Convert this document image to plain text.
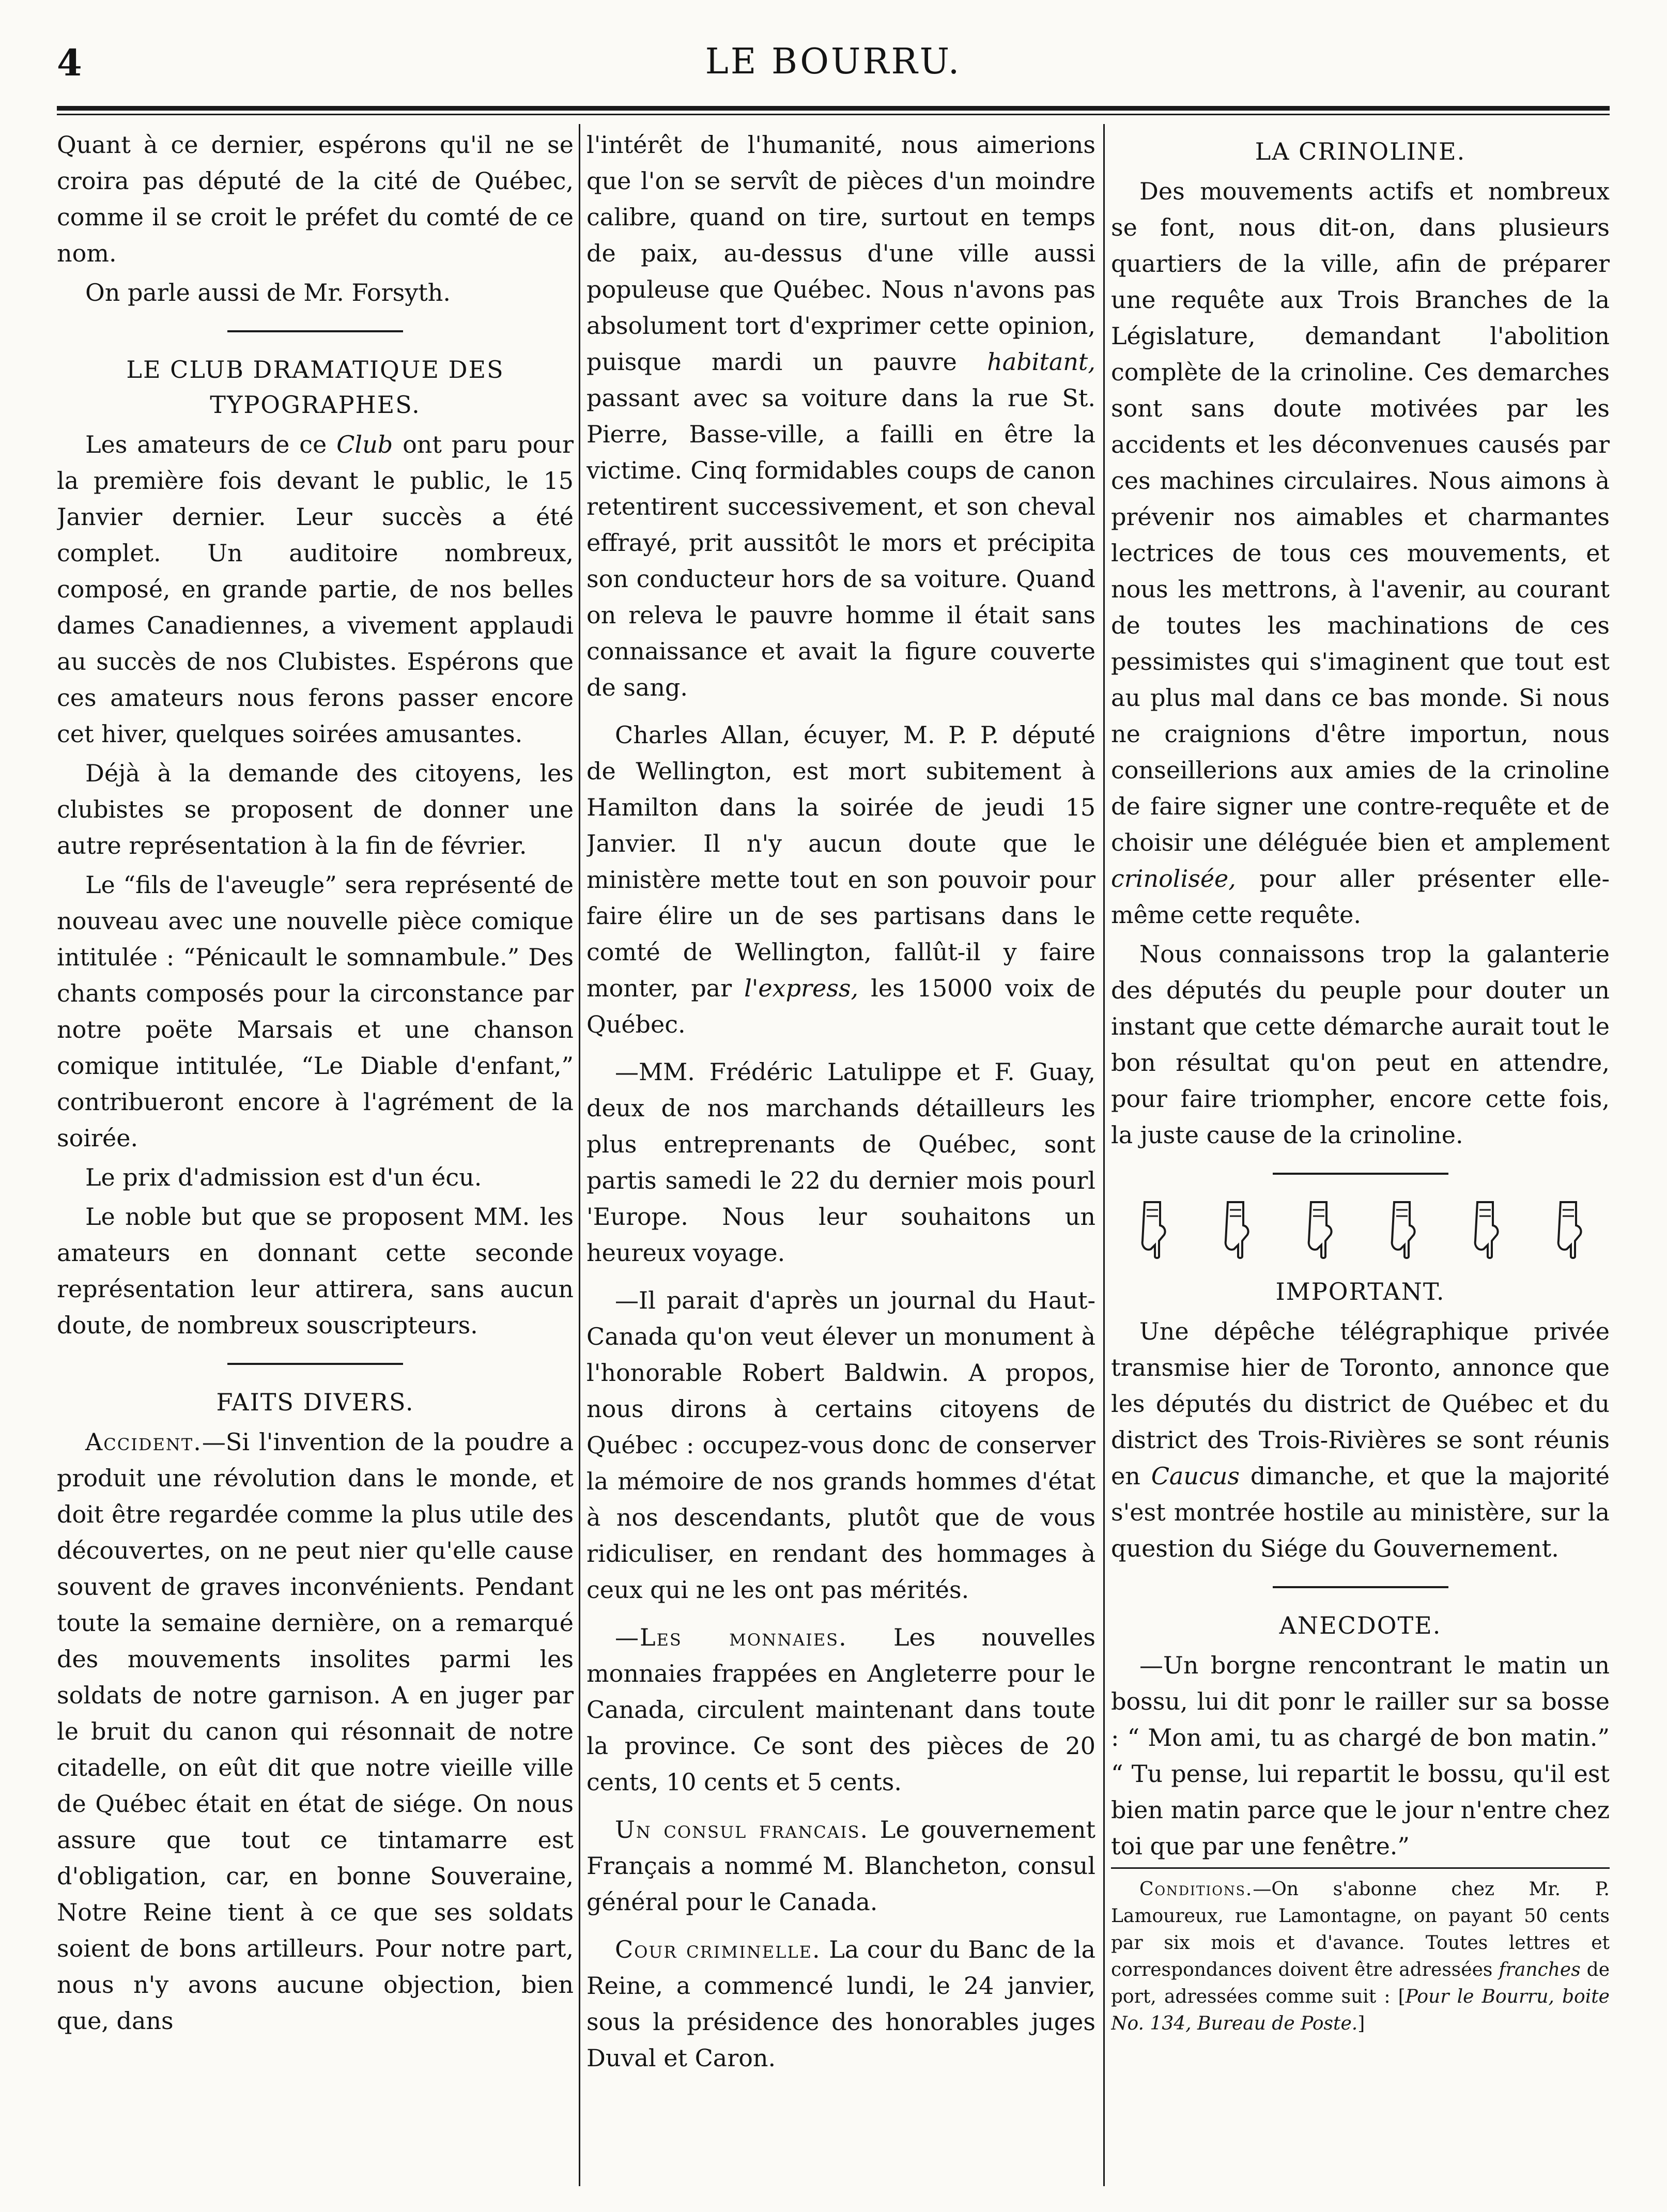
4	LE BOURRU.

Quant à ce dernier, espérons qu'il ne se croira pas député de la cité de Québec, comme il se croit le préfet du comté de ce nom.

On parle aussi de Mr. Forsyth.

LE CLUB DRAMATIQUE DES TYPOGRAPHES.

Les amateurs de ce Club ont paru pour la première fois devant le public, le 15 Janvier dernier. Leur succès a été complet. Un auditoire nombreux, composé, en grande partie, de nos belles dames Canadiennes, a vivement applaudi au succès de nos Clubistes. Espérons que ces amateurs nous ferons passer encore cet hiver, quelques soirées amusantes.

Déjà à la demande des citoyens, les clubistes se proposent de donner une autre représentation à la fin de février.

Le “fils de l'aveugle” sera représenté de nouveau avec une nouvelle pièce comique intitulée : “Pénicault le somnambule.” Des chants composés pour la circonstance par notre poëte Marsais et une chanson comique intitulée, “Le Diable d'enfant,” contribueront encore à l'agrément de la soirée.

Le prix d'admission est d'un écu.

Le noble but que se proposent MM. les amateurs en donnant cette seconde représentation leur attirera, sans aucun doute, de nombreux souscripteurs.

FAITS DIVERS.

Accident.—Si l'invention de la poudre a produit une révolution dans le monde, et doit être regardée comme la plus utile des découvertes, on ne peut nier qu'elle cause souvent de graves inconvénients. Pendant toute la semaine dernière, on a remarqué des mouvements insolites parmi les soldats de notre garnison. A en juger par le bruit du canon qui résonnait de notre citadelle, on eût dit que notre vieille ville de Québec était en état de siége. On nous assure que tout ce tintamarre est d'obligation, car, en bonne Souveraine, Notre Reine tient à ce que ses soldats soient de bons artilleurs. Pour notre part, nous n'y avons aucune objection, bien que, dans

l'intérêt de l'humanité, nous aimerions que l'on se servît de pièces d'un moindre calibre, quand on tire, surtout en temps de paix, au-dessus d'une ville aussi populeuse que Québec. Nous n'avons pas absolument tort d'exprimer cette opinion, puisque mardi un pauvre habitant, passant avec sa voiture dans la rue St. Pierre, Basse-ville, a failli en être la victime. Cinq formidables coups de canon retentirent successivement, et son cheval effrayé, prit aussitôt le mors et précipita son conducteur hors de sa voiture. Quand on releva le pauvre homme il était sans connaissance et avait la figure couverte de sang.

Charles Allan, écuyer, M. P. P. député de Wellington, est mort subitement à Hamilton dans la soirée de jeudi 15 Janvier. Il n'y aucun doute que le ministère mette tout en son pouvoir pour faire élire un de ses partisans dans le comté de Wellington, fallût-il y faire monter, par l'express, les 15000 voix de Québec.

—MM. Frédéric Latulippe et F. Guay, deux de nos marchands détailleurs les plus entreprenants de Québec, sont partis samedi le 22 du dernier mois pourl 'Europe. Nous leur souhaitons un heureux voyage.

—Il parait d'après un journal du Haut-Canada qu'on veut élever un monument à l'honorable Robert Baldwin. A propos, nous dirons à certains citoyens de Québec : occupez-vous donc de conserver la mémoire de nos grands hommes d'état à nos descendants, plutôt que de vous ridiculiser, en rendant des hommages à ceux qui ne les ont pas mérités.

—Les monnaies. Les nouvelles monnaies frappées en Angleterre pour le Canada, circulent maintenant dans toute la province. Ce sont des pièces de 20 cents, 10 cents et 5 cents.

Un consul francais. Le gouvernement Français a nommé M. Blancheton, consul général pour le Canada.

Cour criminelle. La cour du Banc de la Reine, a commencé lundi, le 24 janvier, sous la présidence des honorables juges Duval et Caron.

LA CRINOLINE.

Des mouvements actifs et nombreux se font, nous dit-on, dans plusieurs quartiers de la ville, afin de préparer une requête aux Trois Branches de la Législature, demandant l'abolition complète de la crinoline. Ces demarches sont sans doute motivées par les accidents et les déconvenues causés par ces machines circulaires. Nous aimons à prévenir nos aimables et charmantes lectrices de tous ces mouvements, et nous les mettrons, à l'avenir, au courant de toutes les machinations de ces pessimistes qui s'imaginent que tout est au plus mal dans ce bas monde. Si nous ne craignions d'être importun, nous conseillerions aux amies de la crinoline de faire signer une contre-requête et de choisir une déléguée bien et amplement crinolisée, pour aller présenter elle-même cette requête.

Nous connaissons trop la galanterie des députés du peuple pour douter un instant que cette démarche aurait tout le bon résultat qu'on peut en attendre, pour faire triompher, encore cette fois, la juste cause de la crinoline.

IMPORTANT.

Une dépêche télégraphique privée transmise hier de Toronto, annonce que les députés du district de Québec et du district des Trois-Rivières se sont réunis en Caucus dimanche, et que la majorité s'est montrée hostile au ministère, sur la question du Siége du Gouvernement.

ANECDOTE.

—Un borgne rencontrant le matin un bossu, lui dit ponr le railler sur sa bosse : “ Mon ami, tu as chargé de bon matin.” “ Tu pense, lui repartit le bossu, qu'il est bien matin parce que le jour n'entre chez toi que par une fenêtre.”

Conditions.—On s'abonne chez Mr. P. Lamoureux, rue Lamontagne, on payant 50 cents par six mois et d'avance. Toutes lettres et correspondances doivent être adressées franches de port, adressées comme suit : [Pour le Bourru, boite No. 134, Bureau de Poste.]
